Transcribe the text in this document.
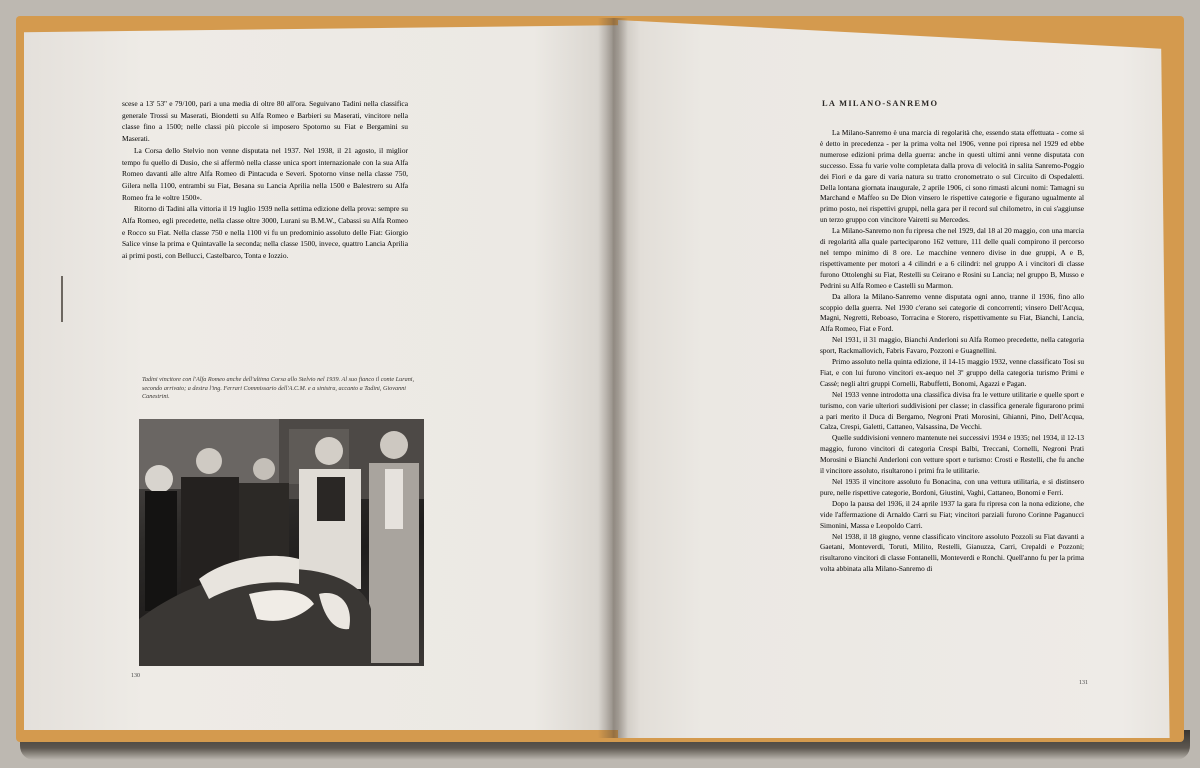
scese a 13' 53'' e 79/100, pari a una media di oltre 80 all'ora. Seguivano Tadini nella classifica generale Trossi su Maserati, Biondetti su Alfa Romeo e Barbieri su Maserati, vincitore nella classe fino a 1500; nelle classi più piccole si imposero Spotorno su Fiat e Bergamini su Maserati.

La Corsa dello Stelvio non venne disputata nel 1937. Nel 1938, il 21 agosto, il miglior tempo fu quello di Dusio, che si affermò nella classe unica sport internazionale con la sua Alfa Romeo davanti alle altre Alfa Romeo di Pintacuda e Severi. Spotorno vinse nella classe 750, Gilera nella 1100, entrambi su Fiat, Besana su Lancia Aprilia nella 1500 e Balestrero su Alfa Romeo fra le «oltre 1500».

Ritorno di Tadini alla vittoria il 19 luglio 1939 nella settima edizione della prova: sempre su Alfa Romeo, egli precedette, nella classe oltre 3000, Lurani su B.M.W., Cabassi su Alfa Romeo e Rocco su Fiat. Nella classe 750 e nella 1100 vi fu un predominio assoluto delle Fiat: Giorgio Salice vinse la prima e Quintavalle la seconda; nella classe 1500, invece, quattro Lancia Aprilia ai primi posti, con Bellucci, Castelbarco, Tonta e Iozzio.

Tadini vincitore con l'Alfa Romeo anche dell'ultima Corsa allo Stelvio nel 1939. Al suo fianco il conte Lurani, secondo arrivato; a destra l'ing. Ferrari Commissario dell'A.C.M. e a sinistra, accanto a Tadini, Giovanni Canestrini.
130
LA MILANO-SANREMO

La Milano-Sanremo è una marcia di regolarità che, essendo stata effettuata - come si è detto in precedenza - per la prima volta nel 1906, venne poi ripresa nel 1929 ed ebbe numerose edizioni prima della guerra: anche in questi ultimi anni venne disputata con successo. Essa fu varie volte completata dalla prova di velocità in salita Sanremo-Poggio dei Fiori e da gare di varia natura su tratto cronometrato o sul Circuito di Ospedaletti. Della lontana giornata inaugurale, 2 aprile 1906, ci sono rimasti alcuni nomi: Tamagni su Marchand e Maffeo su De Dion vinsero le rispettive categorie e figurano ugualmente al primo posto, nei rispettivi gruppi, nella gara per il record sul chilometro, in cui s'aggiunse un terzo gruppo con vincitore Vairetti su Mercedes.

La Milano-Sanremo non fu ripresa che nel 1929, dal 18 al 20 maggio, con una marcia di regolarità alla quale parteciparono 162 vetture, 111 delle quali compirono il percorso nel tempo minimo di 8 ore. Le macchine vennero divise in due gruppi, A e B, rispettivamente per motori a 4 cilindri e a 6 cilindri: nel gruppo A i vincitori di classe furono Ottolenghi su Fiat, Restelli su Ceirano e Rosini su Lancia; nel gruppo B, Musso e Pedrini su Alfa Romeo e Castelli su Marmon.

Da allora la Milano-Sanremo venne disputata ogni anno, tranne il 1936, fino allo scoppio della guerra. Nel 1930 c'erano sei categorie di concorrenti; vinsero Dell'Acqua, Magni, Negretti, Reboaso, Torracina e Storero, rispettivamente su Fiat, Bianchi, Lancia, Alfa Romeo, Fiat e Ford.

Nel 1931, il 31 maggio, Bianchi Anderloni su Alfa Romeo precedette, nella categoria sport, Rackmallovich, Fabris Favaro, Pozzoni e Guagnellini.

Primo assoluto nella quinta edizione, il 14-15 maggio 1932, venne classificato Tosi su Fiat, e con lui furono vincitori ex-aequo nel 3º gruppo della categoria turismo Primi e Cassè; negli altri gruppi Cornelli, Rabuffetti, Bonomi, Agazzi e Pagan.

Nel 1933 venne introdotta una classifica divisa fra le vetture utilitarie e quelle sport e turismo, con varie ulteriori suddivisioni per classe; in classifica generale figurarono primi a pari merito il Duca di Bergamo, Negroni Prati Morosini, Ghianni, Pino, Dell'Acqua, Calza, Crespi, Galetti, Cattaneo, Valsassina, De Vecchi.

Quelle suddivisioni vennero mantenute nei successivi 1934 e 1935; nel 1934, il 12-13 maggio, furono vincitori di categoria Crespi Balbi, Treccani, Cornelli, Negroni Prati Morosini e Bianchi Anderloni con vetture sport e turismo: Crosti e Restelli, che fu anche il vincitore assoluto, risultarono i primi fra le utilitarie.

Nel 1935 il vincitore assoluto fu Bonacina, con una vettura utilitaria, e si distinsero pure, nelle rispettive categorie, Bordoni, Giustini, Vaghi, Cattaneo, Bonomi e Ferri.

Dopo la pausa del 1936, il 24 aprile 1937 la gara fu ripresa con la nona edizione, che vide l'affermazione di Arnaldo Carri su Fiat; vincitori parziali furono Corinne Paganucci Simonini, Massa e Leopoldo Carri.

Nel 1938, il 18 giugno, venne classificato vincitore assoluto Pozzoli su Fiat davanti a Gaetani, Monteverdi, Toruti, Milito, Restelli, Gianuzza, Carri, Crepaldi e Pozzoni; risultarono vincitori di classe Fontanelli, Monteverdi e Ronchi. Quell'anno fu per la prima volta abbinata alla Milano-Sanremo di

131
